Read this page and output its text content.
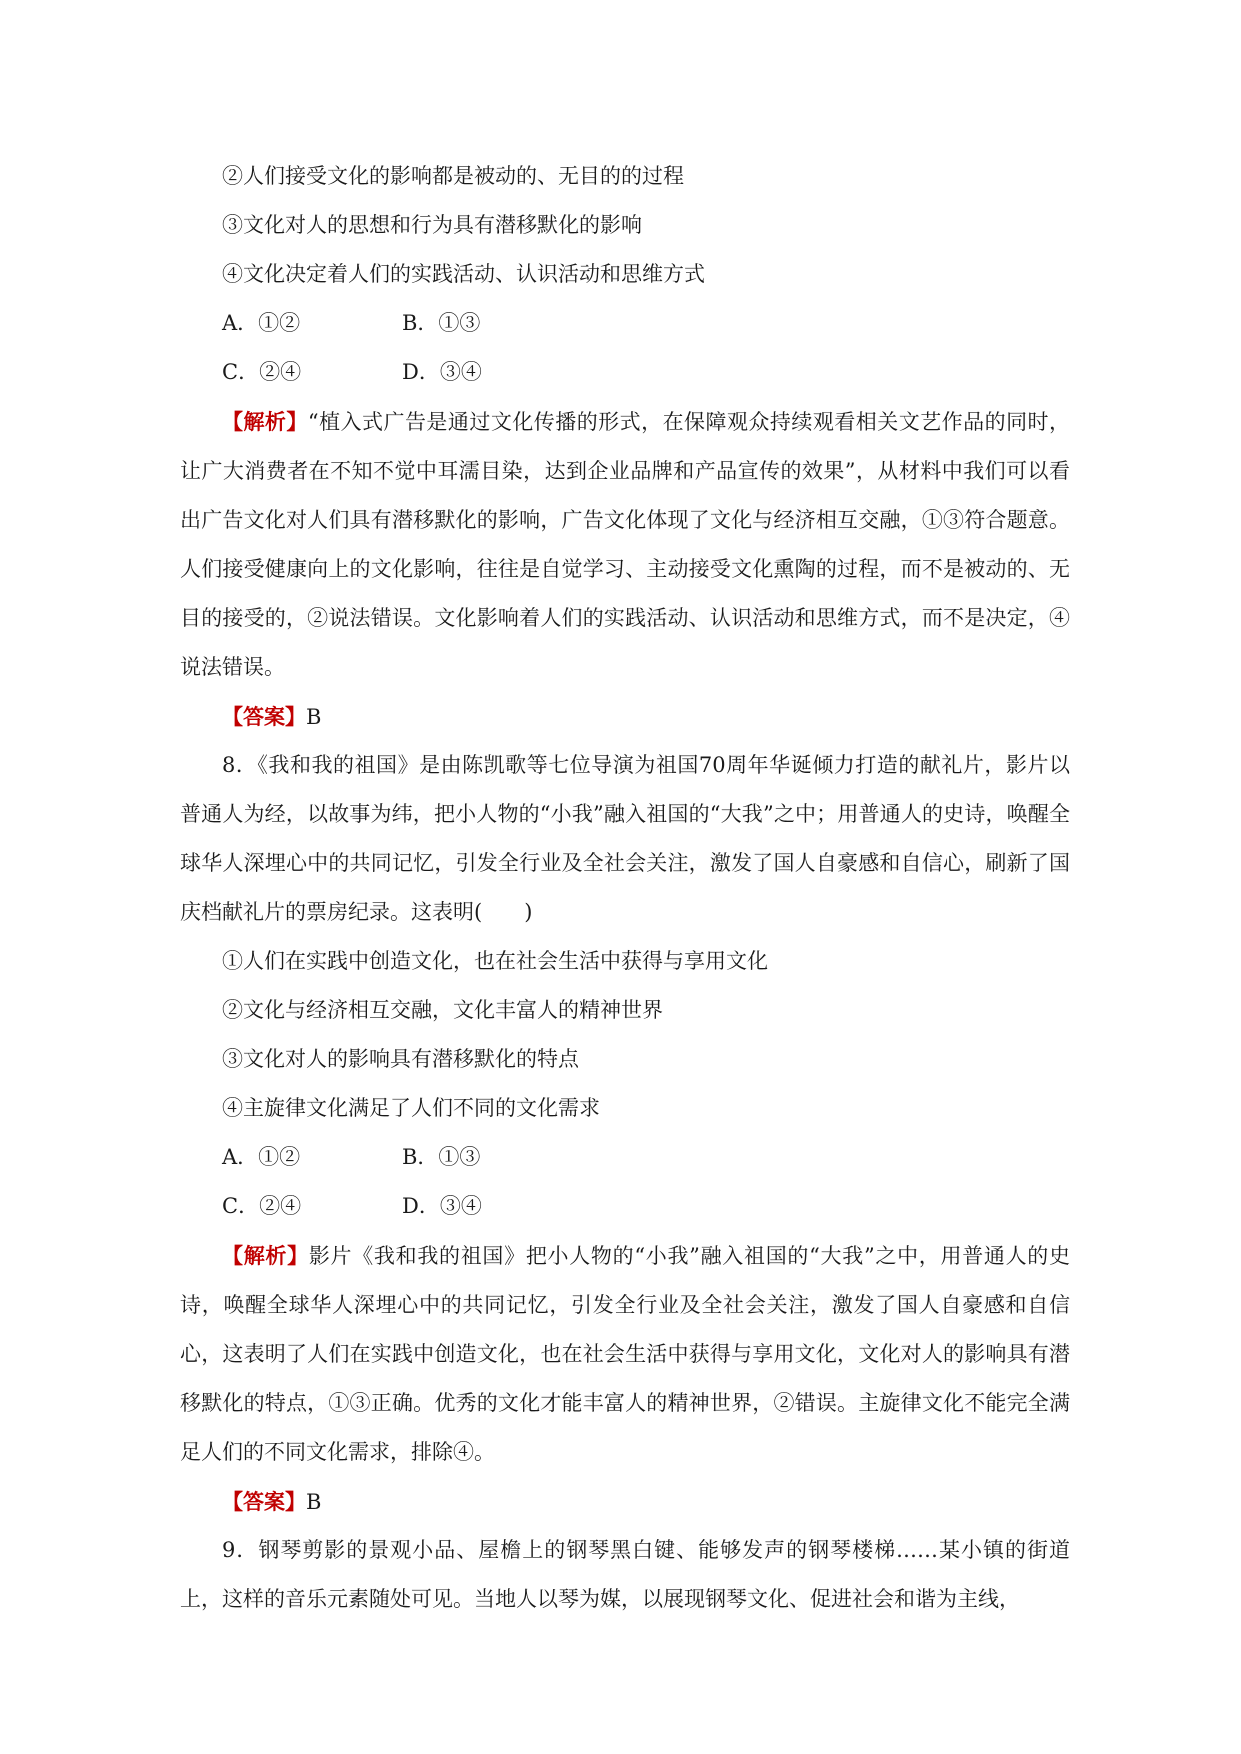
②人们接受文化的影响都是被动的、无目的的过程
③文化对人的思想和行为具有潜移默化的影响
④文化决定着人们的实践活动、认识活动和思维方式
A．①②	B．①③
C．②④	D．③④
【解析】“植入式广告是通过文化传播的形式，在保障观众持续观看相关文艺作品的同时，让广大消费者在不知不觉中耳濡目染，达到企业品牌和产品宣传的效果”，从材料中我们可以看出广告文化对人们具有潜移默化的影响，广告文化体现了文化与经济相互交融，①③符合题意。人们接受健康向上的文化影响，往往是自觉学习、主动接受文化熏陶的过程，而不是被动的、无目的接受的，②说法错误。文化影响着人们的实践活动、认识活动和思维方式，而不是决定，④说法错误。
【答案】B
8．《我和我的祖国》是由陈凯歌等七位导演为祖国70周年华诞倾力打造的献礼片，影片以普通人为经，以故事为纬，把小人物的“小我”融入祖国的“大我”之中；用普通人的史诗，唤醒全球华人深埋心中的共同记忆，引发全行业及全社会关注，激发了国人自豪感和自信心，刷新了国庆档献礼片的票房纪录。这表明(　　)
①人们在实践中创造文化，也在社会生活中获得与享用文化
②文化与经济相互交融，文化丰富人的精神世界
③文化对人的影响具有潜移默化的特点
④主旋律文化满足了人们不同的文化需求
A．①②	B．①③
C．②④	D．③④
【解析】影片《我和我的祖国》把小人物的“小我”融入祖国的“大我”之中，用普通人的史诗，唤醒全球华人深埋心中的共同记忆，引发全行业及全社会关注，激发了国人自豪感和自信心，这表明了人们在实践中创造文化，也在社会生活中获得与享用文化，文化对人的影响具有潜移默化的特点，①③正确。优秀的文化才能丰富人的精神世界，②错误。主旋律文化不能完全满足人们的不同文化需求，排除④。
【答案】B
9．钢琴剪影的景观小品、屋檐上的钢琴黑白键、能够发声的钢琴楼梯……某小镇的街道上，这样的音乐元素随处可见。当地人以琴为媒，以展现钢琴文化、促进社会和谐为主线，
